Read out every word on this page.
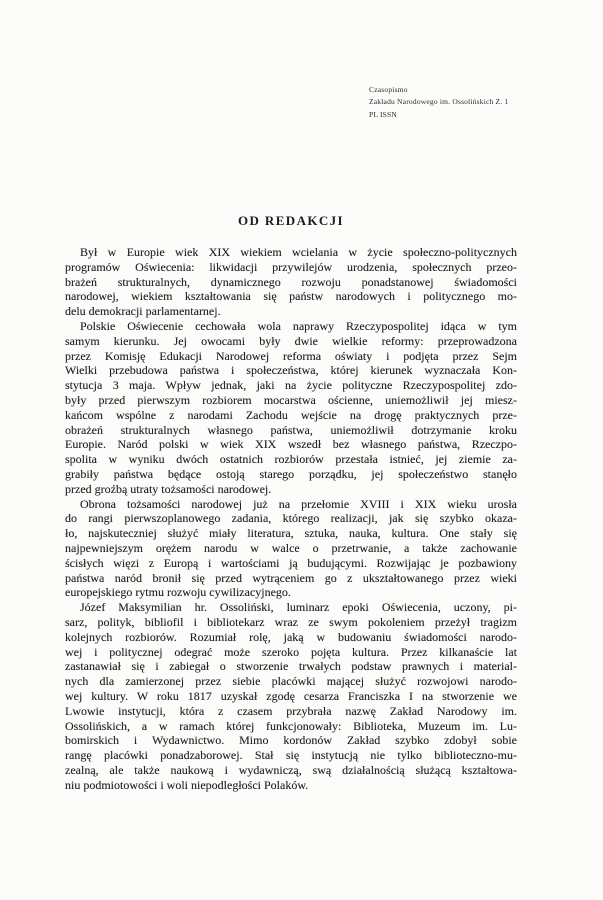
Czasopismo
Zakładu Narodowego im. Ossolińskich Z. 1
PL ISSN
OD REDAKCJI
Był w Europie wiek XIX wiekiem wcielania w życie społeczno-politycznych
programów Oświecenia: likwidacji przywilejów urodzenia, społecznych przeo-
brażeń strukturalnych, dynamicznego rozwoju ponadstanowej świadomości
narodowej, wiekiem kształtowania się państw narodowych i politycznego mo-
delu demokracji parlamentarnej.
Polskie Oświecenie cechowała wola naprawy Rzeczypospolitej idąca w tym
samym kierunku. Jej owocami były dwie wielkie reformy: przeprowadzona
przez Komisję Edukacji Narodowej reforma oświaty i podjęta przez Sejm
Wielki przebudowa państwa i społeczeństwa, której kierunek wyznaczała Kon-
stytucja 3 maja. Wpływ jednak, jaki na życie polityczne Rzeczypospolitej zdo-
były przed pierwszym rozbiorem mocarstwa ościenne, uniemożliwił jej miesz-
kańcom wspólne z narodami Zachodu wejście na drogę praktycznych prze-
obrażeń strukturalnych własnego państwa, uniemożliwił dotrzymanie kroku
Europie. Naród polski w wiek XIX wszedł bez własnego państwa, Rzeczpo-
spolita w wyniku dwóch ostatnich rozbiorów przestała istnieć, jej ziemie za-
grabiły państwa będące ostoją starego porządku, jej społeczeństwo stanęło
przed groźbą utraty tożsamości narodowej.
Obrona tożsamości narodowej już na przełomie XVIII i XIX wieku urosła
do rangi pierwszoplanowego zadania, którego realizacji, jak się szybko okaza-
ło, najskuteczniej służyć miały literatura, sztuka, nauka, kultura. One stały się
najpewniejszym orężem narodu w walce o przetrwanie, a także zachowanie
ścisłych więzi z Europą i wartościami ją budującymi. Rozwijając je pozbawiony
państwa naród bronił się przed wytrąceniem go z ukształtowanego przez wieki
europejskiego rytmu rozwoju cywilizacyjnego.
Józef Maksymilian hr. Ossoliński, luminarz epoki Oświecenia, uczony, pi-
sarz, polityk, bibliofil i bibliotekarz wraz ze swym pokoleniem przeżył tragizm
kolejnych rozbiorów. Rozumiał rolę, jaką w budowaniu świadomości narodo-
wej i politycznej odegrać może szeroko pojęta kultura. Przez kilkanaście lat
zastanawiał się i zabiegał o stworzenie trwałych podstaw prawnych i material-
nych dla zamierzonej przez siebie placówki mającej służyć rozwojowi narodo-
wej kultury. W roku 1817 uzyskał zgodę cesarza Franciszka I na stworzenie we
Lwowie instytucji, która z czasem przybrała nazwę Zakład Narodowy im.
Ossolińskich, a w ramach której funkcjonowały: Biblioteka, Muzeum im. Lu-
bomirskich i Wydawnictwo. Mimo kordonów Zakład szybko zdobył sobie
rangę placówki ponadzaborowej. Stał się instytucją nie tylko biblioteczno-mu-
zealną, ale także naukową i wydawniczą, swą działalnością służącą kształtowa-
niu podmiotowości i woli niepodległości Polaków.
